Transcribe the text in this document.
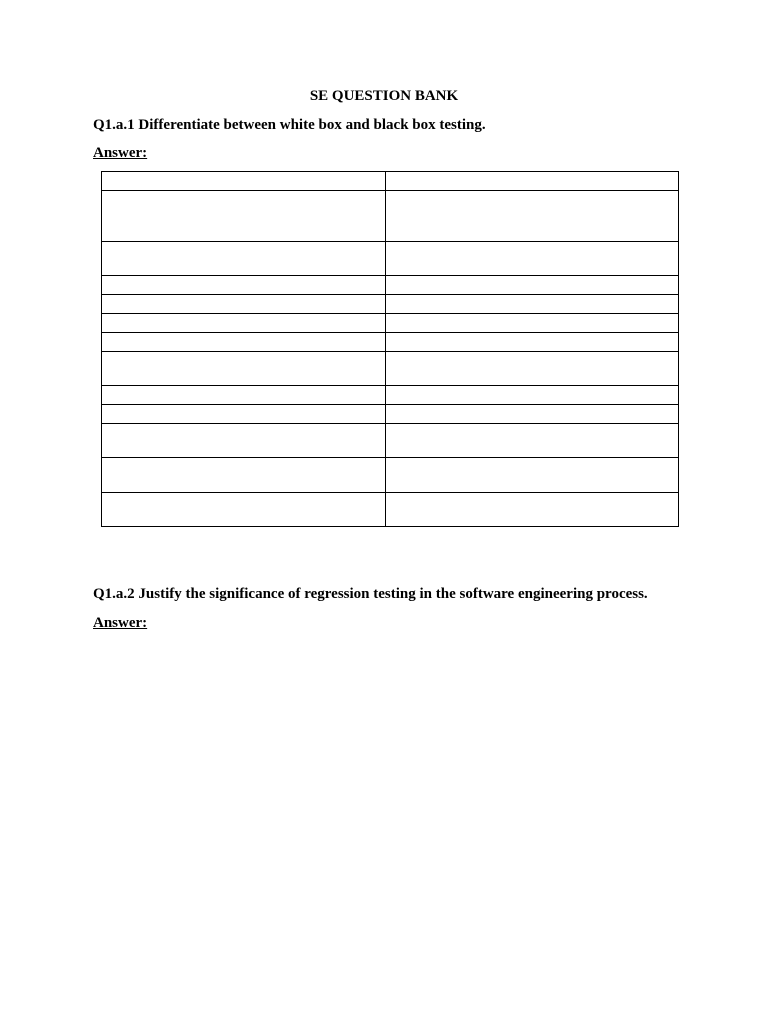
SE QUESTION BANK
Q1.a.1 Differentiate between white box and black box testing.
Answer:

Q1.a.2 Justify the significance of regression testing in the software engineering process.
Answer:
